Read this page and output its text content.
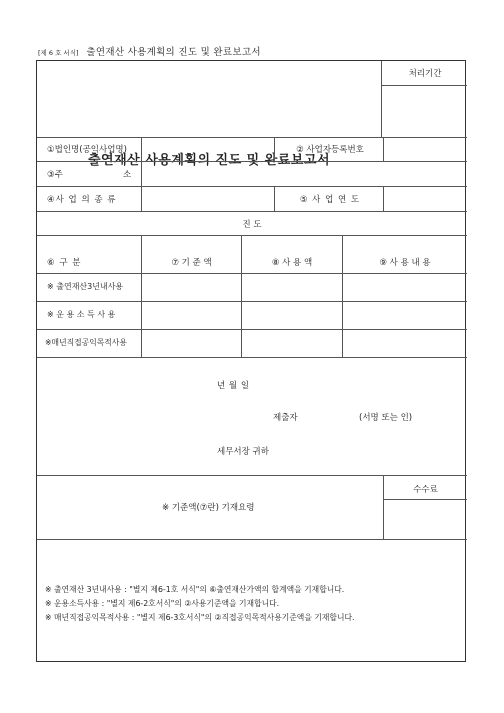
[제 6 호 서식] 출연재산 사용계획의 진도 및 완료보고서
출연재산 사용계획의 진도 및 완료보고서
처리기간
①법인명(공익사업명)	② 사업자등록번호
③주	소
④사 업 의 종 류	⑤ 사 업 연 도
진 도
⑥ 구 분	⑦ 기 준 액	⑧ 사 용 액	⑨ 사 용 내 용
※ 출연재산3년내사용
※ 운 용 소 득 사 용
※매년직접공익목적사용
년 월 일
제출자	(서명 또는 인)
세무서장 귀하
수수료
※ 기준액(⑦란) 기재요령
※ 출연재산 3년내사용 : "별지 제6-1호 서식"의 ⑥출연재산가액의 합계액을 기재합니다.
※ 운용소득사용 : "별지 제6-2호서식"의 ②사용기준액을 기재합니다.
※ 매년직접공익목적사용 : "별지 제6-3호서식"의 ②직접공익목적사용기준액을 기재합니다.
